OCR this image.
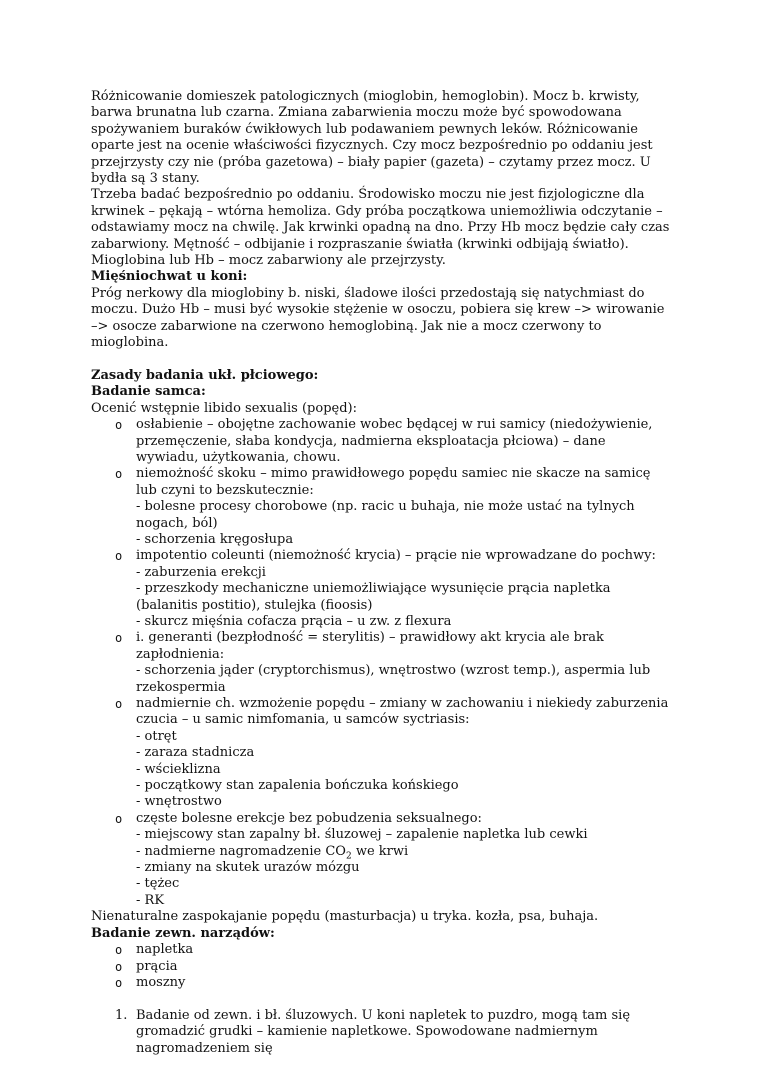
Różnicowanie domieszek patologicznych (mioglobin, hemoglobin). Mocz b. krwisty, barwa brunatna lub czarna. Zmiana zabarwienia moczu może być spowodowana spożywaniem buraków ćwikłowych lub podawaniem pewnych leków. Różnicowanie oparte jest na ocenie właściwości fizycznych. Czy mocz bezpośrednio po oddaniu jest przejrzysty czy nie (próba gazetowa) – biały papier (gazeta) – czytamy przez mocz. U bydła są 3 stany.

Trzeba badać bezpośrednio po oddaniu. Środowisko moczu nie jest fizjologiczne dla krwinek – pękają – wtórna hemoliza. Gdy próba początkowa uniemożliwia odczytanie – odstawiamy mocz na chwilę. Jak krwinki opadną na dno. Przy Hb mocz będzie cały czas zabarwiony. Mętność – odbijanie i rozpraszanie światła (krwinki odbijają światło). Mioglobina lub Hb – mocz zabarwiony ale przejrzysty.

Mięśniochwat u koni:

Próg nerkowy dla mioglobiny b. niski, śladowe ilości przedostają się natychmiast do moczu. Dużo Hb – musi być wysokie stężenie w osoczu, pobiera się krew –> wirowanie –> osocze zabarwione na czerwono hemoglobiną. Jak nie a mocz czerwony to mioglobina.

Zasady badania ukł. płciowego:

Badanie samca:

Ocenić wstępnie libido sexualis (popęd):

o osłabienie – obojętne zachowanie wobec będącej w rui samicy (niedożywienie, przemęczenie, słaba kondycja, nadmierna eksploatacja płciowa) – dane wywiadu, użytkowania, chowu.
o niemożność skoku – mimo prawidłowego popędu samiec nie skacze na samicę lub czyni to bezskutecznie:
- bolesne procesy chorobowe (np. racic u buhaja, nie może ustać na tylnych nogach, ból)
- schorzenia kręgosłupa
o impotentio coleunti (niemożność krycia) – prącie nie wprowadzane do pochwy:
- zaburzenia erekcji
- przeszkody mechaniczne uniemożliwiające wysunięcie prącia napletka (balanitis postitio), stulejka (fioosis)
- skurcz mięśnia cofacza prącia – u zw. z flexura
o i. generanti (bezpłodność = sterylitis) – prawidłowy akt krycia ale brak zapłodnienia:
- schorzenia jąder (cryptorchismus), wnętrostwo (wzrost temp.), aspermia lub rzekospermia
o nadmiernie ch. wzmożenie popędu – zmiany w zachowaniu i niekiedy zaburzenia czucia – u samic nimfomania, u samców syctriasis:
- otręt
- zaraza stadnicza
- wścieklizna
- początkowy stan zapalenia bończuka końskiego
- wnętrostwo
o częste bolesne erekcje bez pobudzenia seksualnego:
- miejscowy stan zapalny bł. śluzowej – zapalenie napletka lub cewki
- nadmierne nagromadzenie $CO_2$ we krwi
- zmiany na skutek urazów mózgu
- tężec
- RK

Nienaturalne zaspokajanie popędu (masturbacja) u tryka. kozła, psa, buhaja.

Badanie zewn. narządów:

o napletka
o prącia
o moszny
1. Badanie od zewn. i bł. śluzowych. U koni napletek to puzdro, mogą tam się gromadzić grudki – kamienie napletkowe. Spowodowane nadmiernym nagromadzeniem się
